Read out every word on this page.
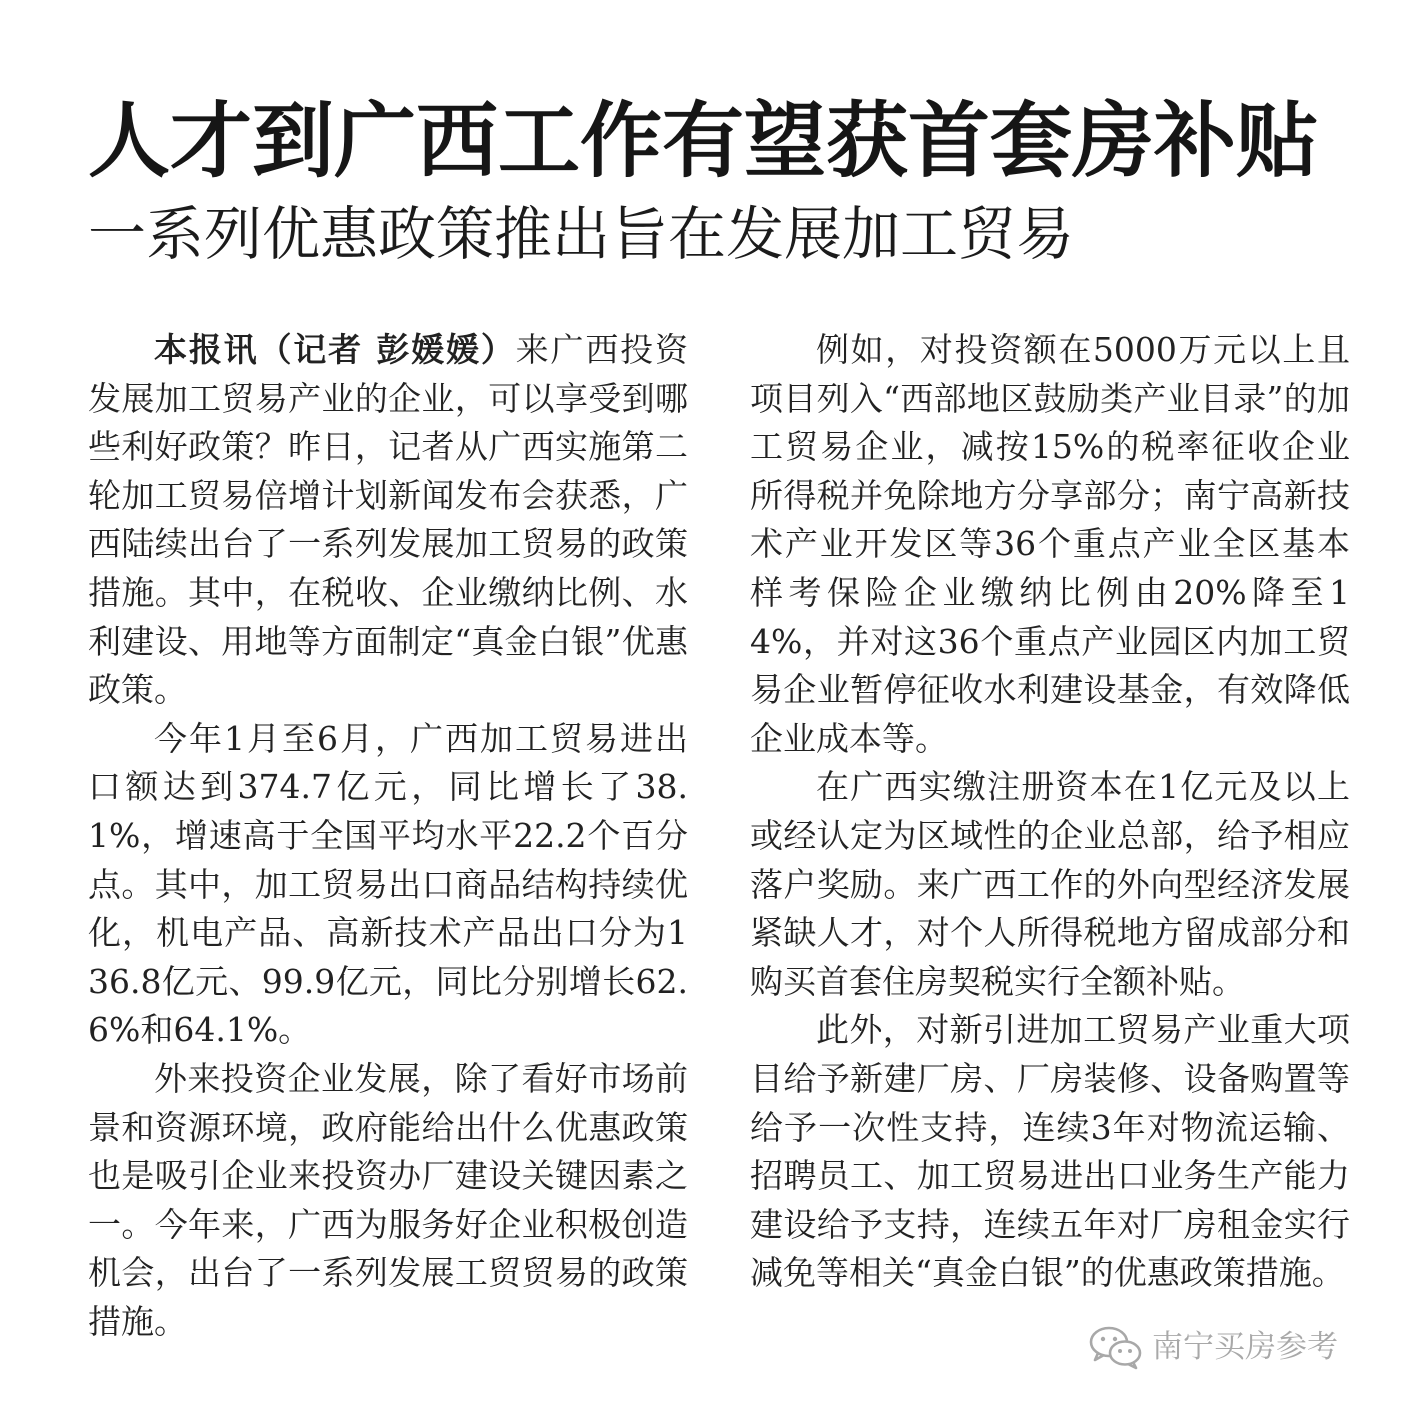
人才到广西工作有望获首套房补贴
一系列优惠政策推出旨在发展加工贸易

本报讯（记者 彭媛媛）来广西投资发展加工贸易产业的企业，可以享受到哪些利好政策？昨日，记者从广西实施第二轮加工贸易倍增计划新闻发布会获悉，广西陆续出台了一系列发展加工贸易的政策措施。其中，在税收、企业缴纳比例、水利建设、用地等方面制定“真金白银”优惠政策。

今年1月至6月，广西加工贸易进出口额达到374.7亿元，同比增长了38.1%，增速高于全国平均水平22.2个百分点。其中，加工贸易出口商品结构持续优化，机电产品、高新技术产品出口分为136.8亿元、99.9亿元，同比分别增长62.6%和64.1%。

外来投资企业发展，除了看好市场前景和资源环境，政府能给出什么优惠政策也是吸引企业来投资办厂建设关键因素之一。今年来，广西为服务好企业积极创造机会，出台了一系列发展工贸贸易的政策措施。

例如，对投资额在5000万元以上且项目列入“西部地区鼓励类产业目录”的加工贸易企业，减按15%的税率征收企业所得税并免除地方分享部分；南宁高新技术产业开发区等36个重点产业全区基本样考保险企业缴纳比例由20%降至14%，并对这36个重点产业园区内加工贸易企业暂停征收水利建设基金，有效降低企业成本等。

在广西实缴注册资本在1亿元及以上或经认定为区域性的企业总部，给予相应落户奖励。来广西工作的外向型经济发展紧缺人才，对个人所得税地方留成部分和购买首套住房契税实行全额补贴。

此外，对新引进加工贸易产业重大项目给予新建厂房、厂房装修、设备购置等给予一次性支持，连续3年对物流运输、招聘员工、加工贸易进出口业务生产能力建设给予支持，连续五年对厂房租金实行减免等相关“真金白银”的优惠政策措施。

南宁买房参考
